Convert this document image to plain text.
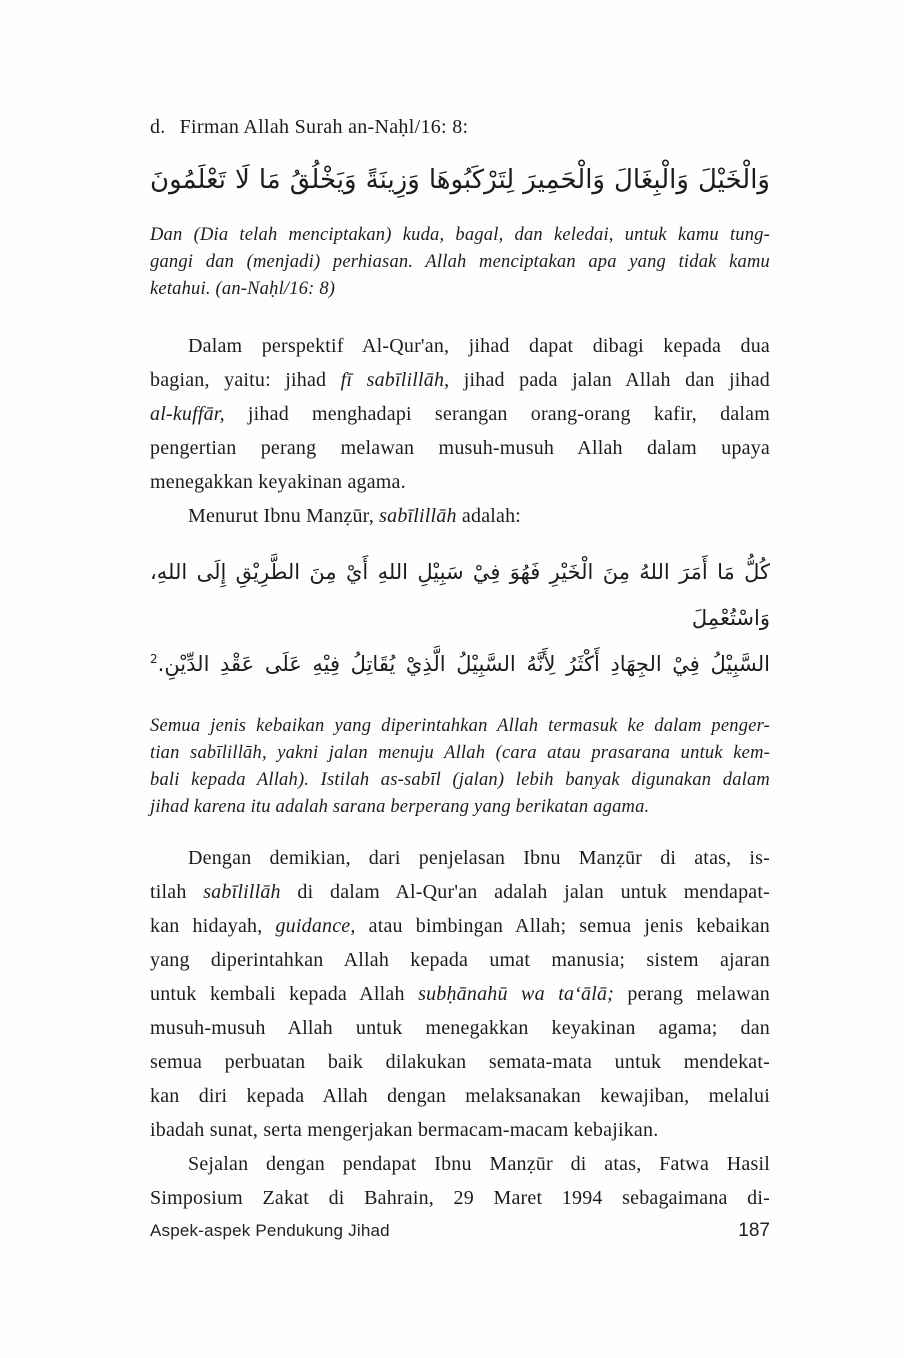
d. Firman Allah Surah an-Naḥl/16: 8:
وَالْخَيْلَ وَالْبِغَالَ وَالْحَمِيرَ لِتَرْكَبُوهَا وَزِينَةً وَيَخْلُقُ مَا لَا تَعْلَمُونَ
Dan (Dia telah menciptakan) kuda, bagal, dan keledai, untuk kamu tung-
gangi dan (menjadi) perhiasan. Allah menciptakan apa yang tidak kamu
ketahui. (an-Naḥl/16: 8)
Dalam perspektif Al-Qur'an, jihad dapat dibagi kepada dua
bagian, yaitu: jihad fī sabīlillāh, jihad pada jalan Allah dan jihad
al-kuffār, jihad menghadapi serangan orang-orang kafir, dalam
pengertian perang melawan musuh-musuh Allah dalam upaya
menegakkan keyakinan agama.
Menurut Ibnu Manẓūr, sabīlillāh adalah:
كُلُّ مَا أَمَرَ اللهُ مِنَ الْخَيْرِ فَهُوَ فِيْ سَبِيْلِ اللهِ أَيْ مِنَ الطَّرِيْقِ إِلَى اللهِ، وَاسْتُعْمِلَ
السَّبِيْلُ فِيْ الجِهَادِ أَكْثَرُ لِأَنَّهُ السَّبِيْلُ الَّذِيْ يُقَاتِلُ فِيْهِ عَلَى عَقْدِ الدِّيْنِ.$^2$
Semua jenis kebaikan yang diperintahkan Allah termasuk ke dalam penger-
tian sabīlillāh, yakni jalan menuju Allah (cara atau prasarana untuk kem-
bali kepada Allah). Istilah as-sabīl (jalan) lebih banyak digunakan dalam
jihad karena itu adalah sarana berperang yang berikatan agama.
Dengan demikian, dari penjelasan Ibnu Manẓūr di atas, is-
tilah sabīlillāh di dalam Al-Qur'an adalah jalan untuk mendapat-
kan hidayah, guidance, atau bimbingan Allah; semua jenis kebaikan
yang diperintahkan Allah kepada umat manusia; sistem ajaran
untuk kembali kepada Allah subḥānahū wa ta‘ālā; perang melawan
musuh-musuh Allah untuk menegakkan keyakinan agama; dan
semua perbuatan baik dilakukan semata-mata untuk mendekat-
kan diri kepada Allah dengan melaksanakan kewajiban, melalui
ibadah sunat, serta mengerjakan bermacam-macam kebajikan.
Sejalan dengan pendapat Ibnu Manẓūr di atas, Fatwa Hasil
Simposium Zakat di Bahrain, 29 Maret 1994 sebagaimana di-
Aspek-aspek Pendukung Jihad	187
